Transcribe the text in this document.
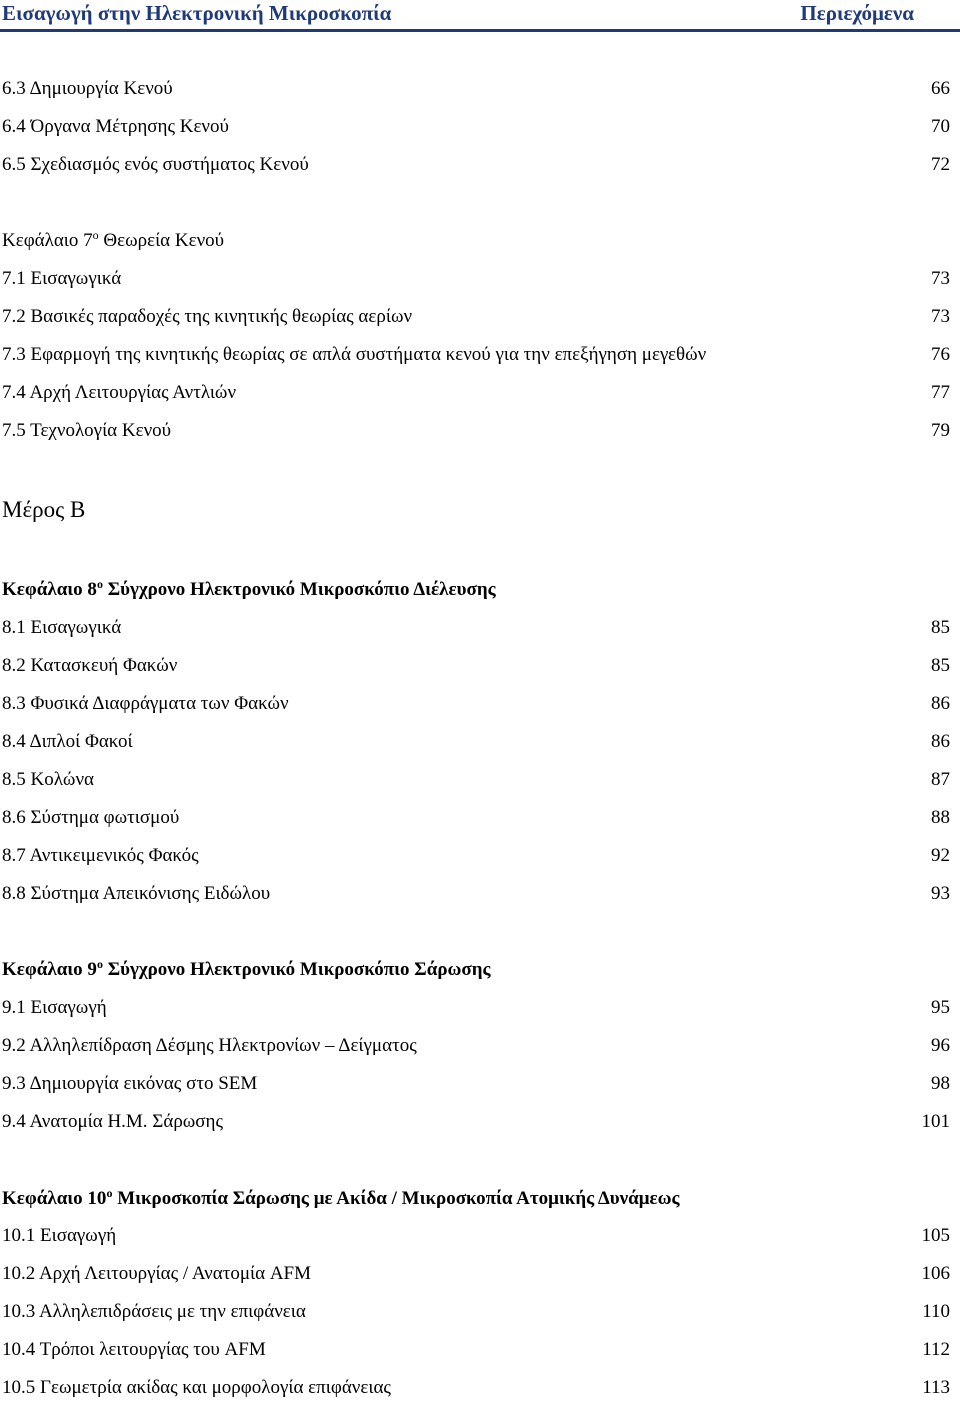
Εισαγωγή στην Ηλεκτρονική Μικροσκοπία	Περιεχόμενα
6.3 Δημιουργία Κενού	66
6.4 Όργανα Μέτρησης Κενού	70
6.5 Σχεδιασμός ενός συστήματος Κενού	72
Κεφάλαιο $7^o$ Θεωρεία Κενού
7.1 Εισαγωγικά	73
7.2 Βασικές παραδοχές της κινητικής θεωρίας αερίων	73
7.3 Εφαρμογή της κινητικής θεωρίας σε απλά συστήματα κενού για την επεξήγηση μεγεθών	76
7.4 Αρχή Λειτουργίας Αντλιών	77
7.5 Τεχνολογία Κενού	79
Μέρος Β
Κεφάλαιο $8^o$ Σύγχρονο Ηλεκτρονικό Μικροσκόπιο Διέλευσης
8.1 Εισαγωγικά	85
8.2 Κατασκευή Φακών	85
8.3 Φυσικά Διαφράγματα των Φακών	86
8.4 Διπλοί Φακοί	86
8.5 Κολώνα	87
8.6 Σύστημα φωτισμού	88
8.7 Αντικειμενικός Φακός	92
8.8 Σύστημα Απεικόνισης Ειδώλου	93
Κεφάλαιο $9^o$ Σύγχρονο Ηλεκτρονικό Μικροσκόπιο Σάρωσης
9.1 Εισαγωγή	95
9.2 Αλληλεπίδραση Δέσμης Ηλεκτρονίων – Δείγματος	96
9.3 Δημιουργία εικόνας στο SEM	98
9.4 Ανατομία Η.Μ. Σάρωσης	101
Κεφάλαιο $10^o$ Μικροσκοπία Σάρωσης με Ακίδα / Μικροσκοπία Ατομικής Δυνάμεως
10.1 Εισαγωγή	105
10.2 Αρχή Λειτουργίας / Ανατομία AFM	106
10.3 Αλληλεπιδράσεις με την επιφάνεια	110
10.4 Τρόποι λειτουργίας του AFM	112
10.5 Γεωμετρία ακίδας και μορφολογία επιφάνειας	113
